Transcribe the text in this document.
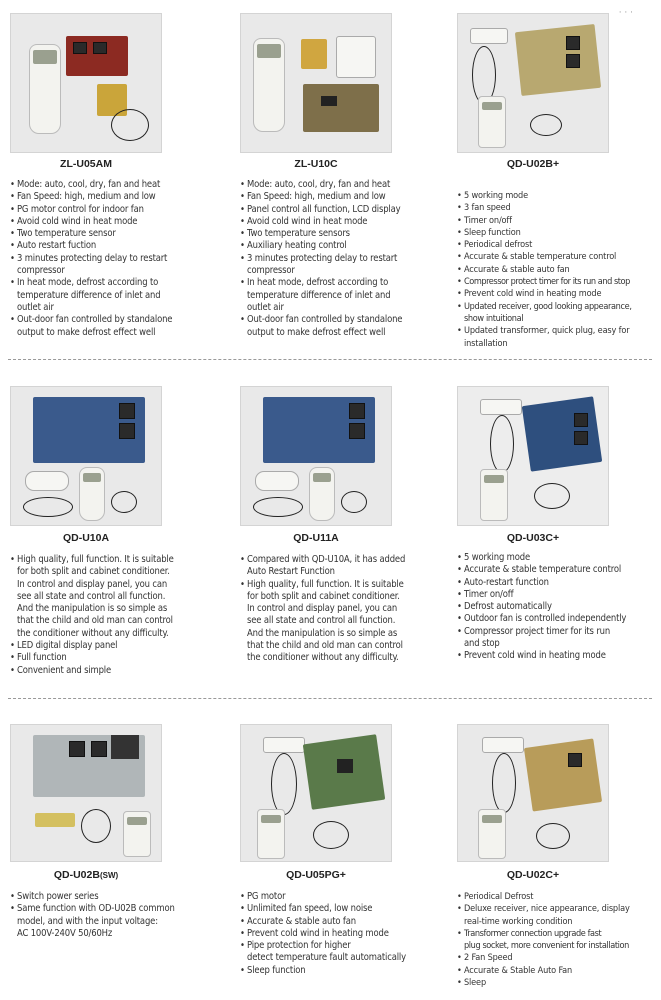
· · ·
ZL-U05AM
• Mode: auto, cool, dry, fan and heat
• Fan Speed: high, medium and low
• PG motor control for indoor fan
• Avoid cold wind in heat mode
• Two temperature sensor
• Auto restart fuction
• 3 minutes protecting delay to restart
compressor
• In heat mode, defrost according to
temperature difference of inlet and
outlet air
• Out-door fan controlled by standalone
output to make defrost effect well
ZL-U10C
• Mode: auto, cool, dry, fan and heat
• Fan Speed: high, medium and low
• Panel control all function, LCD display
• Avoid cold wind in heat mode
• Two temperature sensors
• Auxiliary heating control
• 3 minutes protecting delay to restart
compressor
• In heat mode, defrost according to
temperature difference of inlet and
outlet air
• Out-door fan controlled by standalone
output to make defrost effect well
QD-U02B+
• 5 working mode
• 3 fan speed
• Timer on/off
• Sleep function
• Periodical defrost
• Accurate & stable temperature control
• Accurate & stable auto fan
• Compressor protect timer for its run and stop
• Prevent cold wind in heating mode
• Updated receiver, good looking appearance,
show intuitional
• Updated transformer, quick plug, easy for
installation
QD-U10A
• High quality, full function. It is suitable
for both split and cabinet conditioner.
In control and display panel, you can
see all state and control all function.
And the manipulation is so simple as
that the child and old man can control
the conditioner without any difficulty.
• LED digital display panel
• Full function
• Convenient and simple
QD-U11A
• Compared with QD-U10A, it has added
Auto Restart Function
• High quality, full function. It is suitable
for both split and cabinet conditioner.
In control and display panel, you can
see all state and control all function.
And the manipulation is so simple as
that the child and old man can control
the conditioner without any difficulty.
QD-U03C+
• 5 working mode
• Accurate & stable temperature control
• Auto-restart function
• Timer on/off
• Defrost automatically
• Outdoor fan is controlled independently
• Compressor project timer for its run
and stop
• Prevent cold wind in heating mode
QD-U02B(SW)
• Switch power series
• Same function with OD-U02B common
model, and with the input voltage:
AC 100V-240V 50/60Hz
QD-U05PG+
• PG motor
• Unlimited fan speed, low noise
• Accurate & stable auto fan
• Prevent cold wind in heating mode
• Pipe protection for higher
detect temperature fault automatically
• Sleep function
QD-U02C+
• Periodical Defrost
• Deluxe receiver, nice appearance, display
real-time working condition
• Transformer connection upgrade fast
plug socket, more convenient for installation
• 2 Fan Speed
• Accurate & Stable Auto Fan
• Sleep
